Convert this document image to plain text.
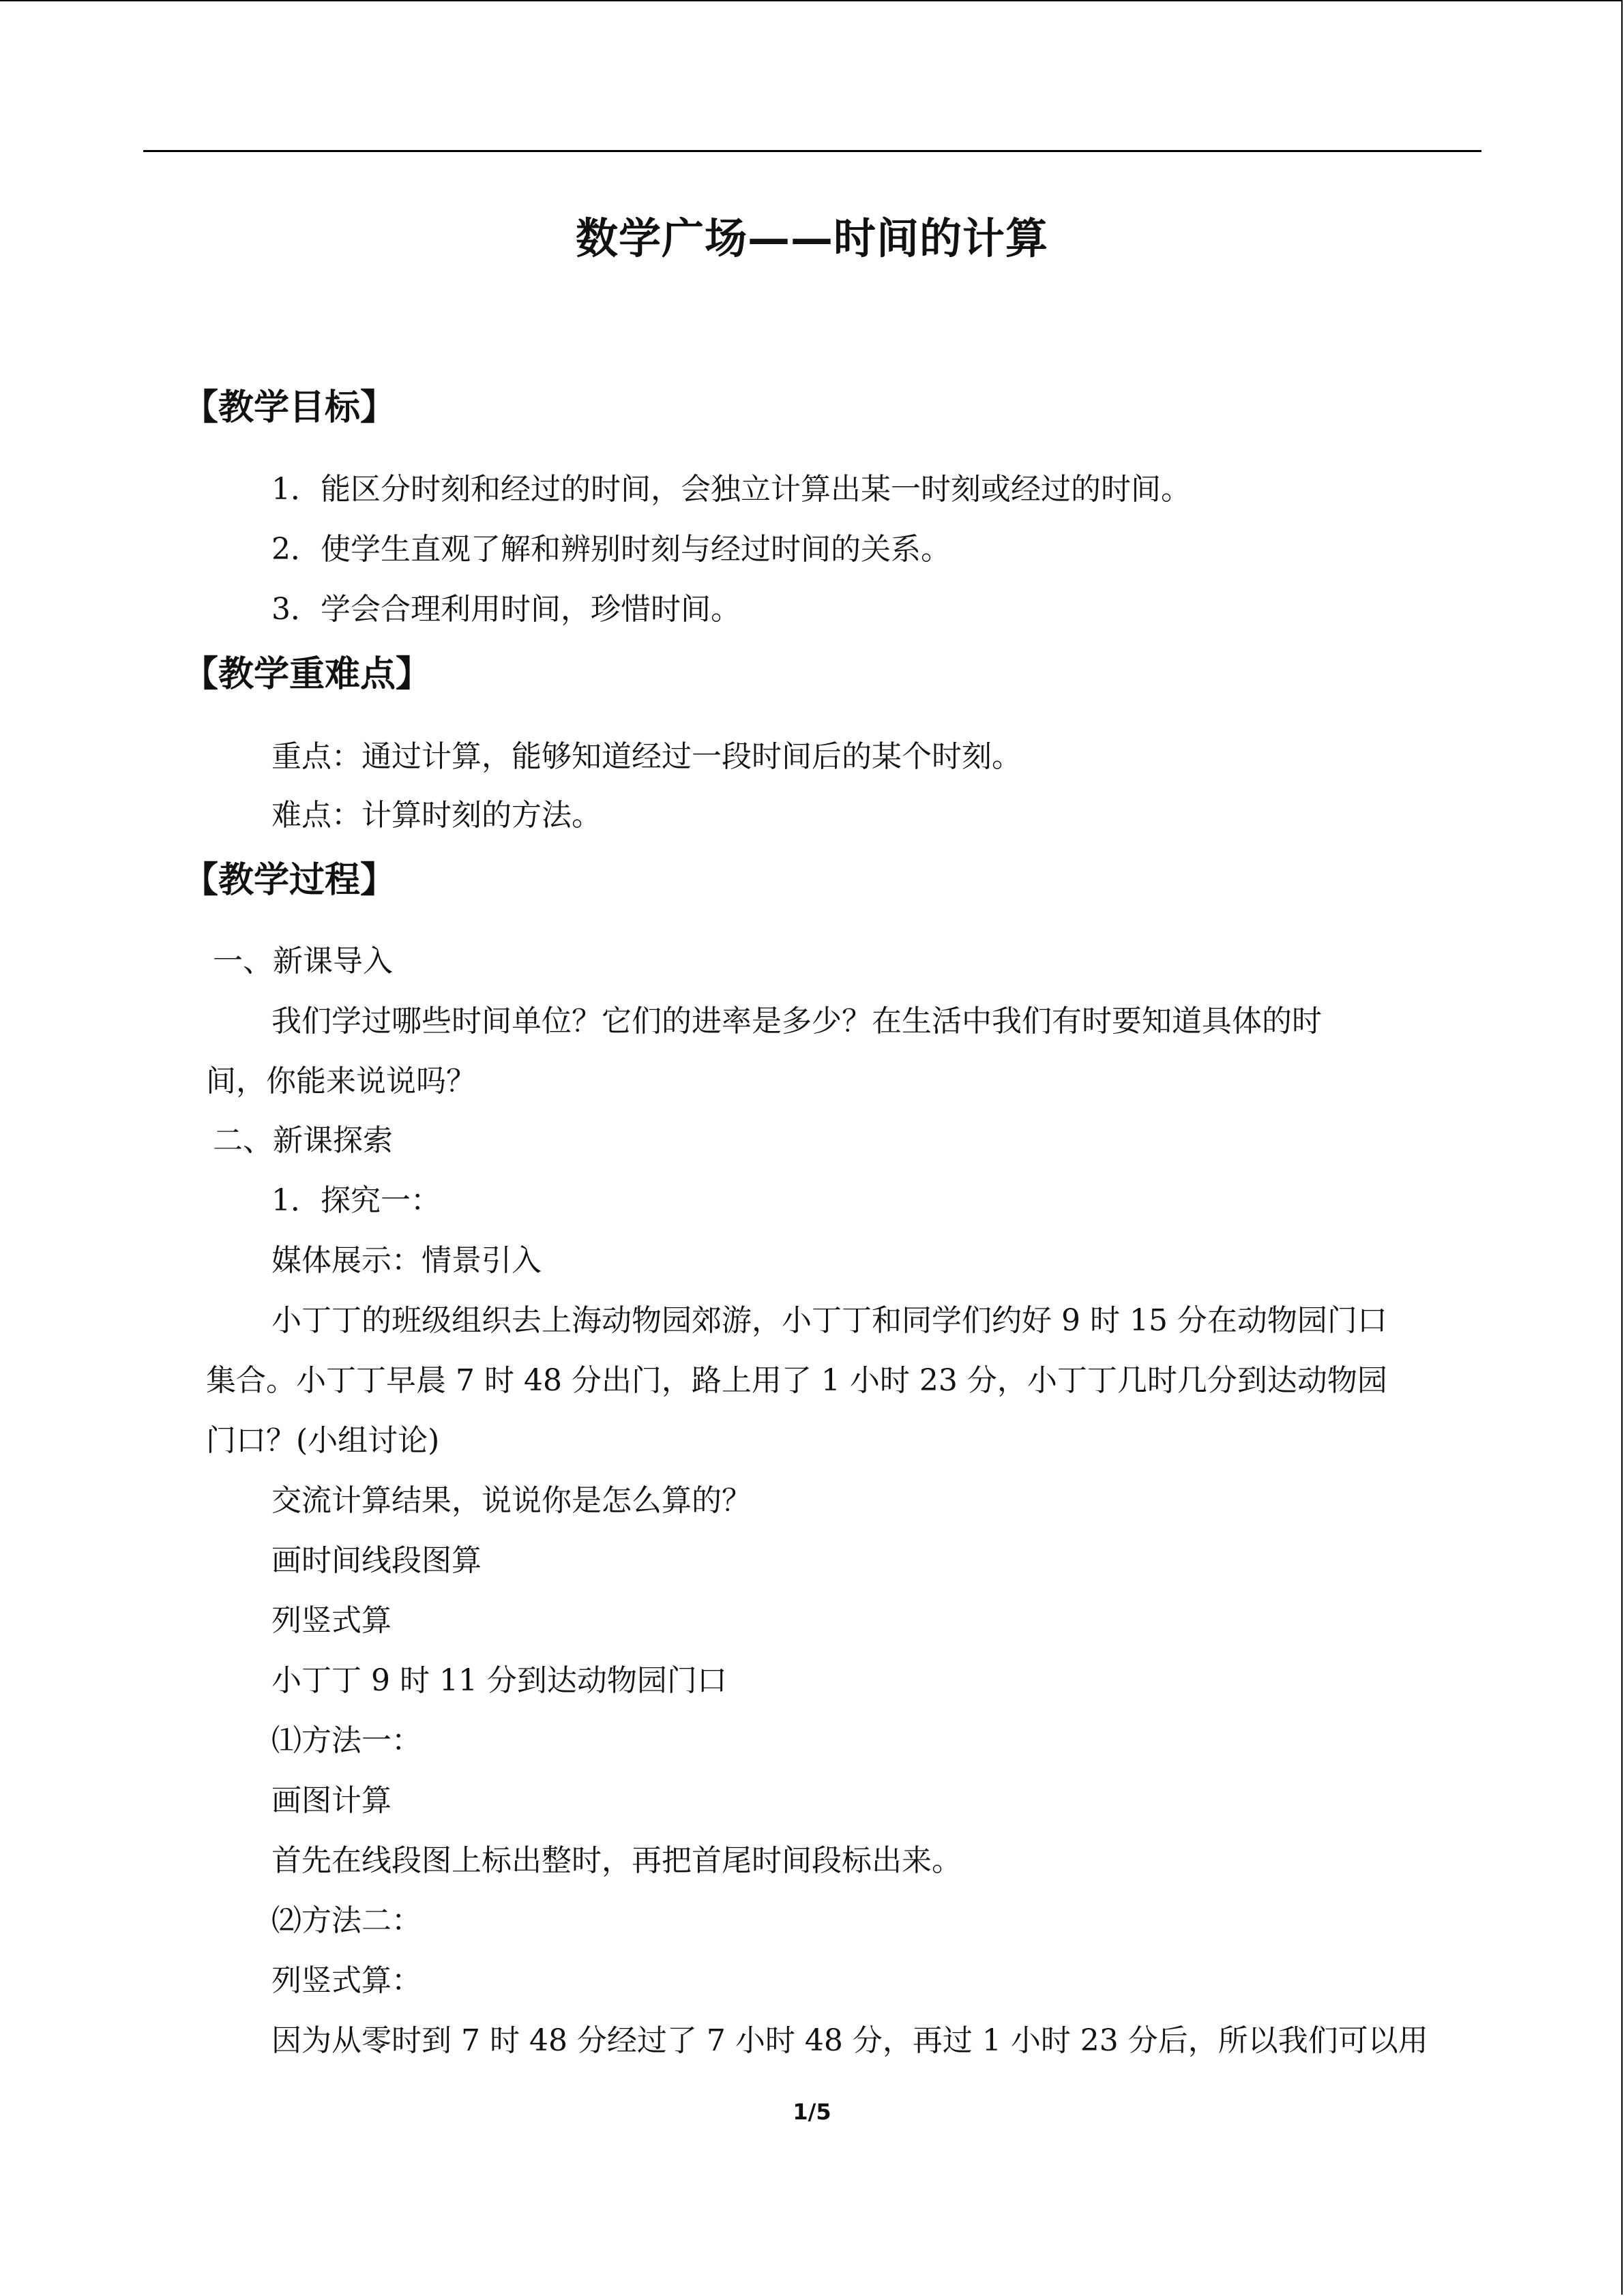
数学广场——时间的计算
【教学目标】
1．能区分时刻和经过的时间，会独立计算出某一时刻或经过的时间。
2．使学生直观了解和辨别时刻与经过时间的关系。
3．学会合理利用时间，珍惜时间。
【教学重难点】
重点：通过计算，能够知道经过一段时间后的某个时刻。
难点：计算时刻的方法。
【教学过程】
一、新课导入
我们学过哪些时间单位？它们的进率是多少？在生活中我们有时要知道具体的时
间，你能来说说吗？
二、新课探索
1．探究一：
媒体展示：情景引入
小丁丁的班级组织去上海动物园郊游，小丁丁和同学们约好 9 时 15 分在动物园门口
集合。小丁丁早晨 7 时 48 分出门，路上用了 1 小时 23 分，小丁丁几时几分到达动物园
门口？(小组讨论)
交流计算结果，说说你是怎么算的？
画时间线段图算
列竖式算
小丁丁 9 时 11 分到达动物园门口
⑴方法一：
画图计算
首先在线段图上标出整时，再把首尾时间段标出来。
⑵方法二：
列竖式算：
因为从零时到 7 时 48 分经过了 7 小时 48 分，再过 1 小时 23 分后，所以我们可以用
1/5
